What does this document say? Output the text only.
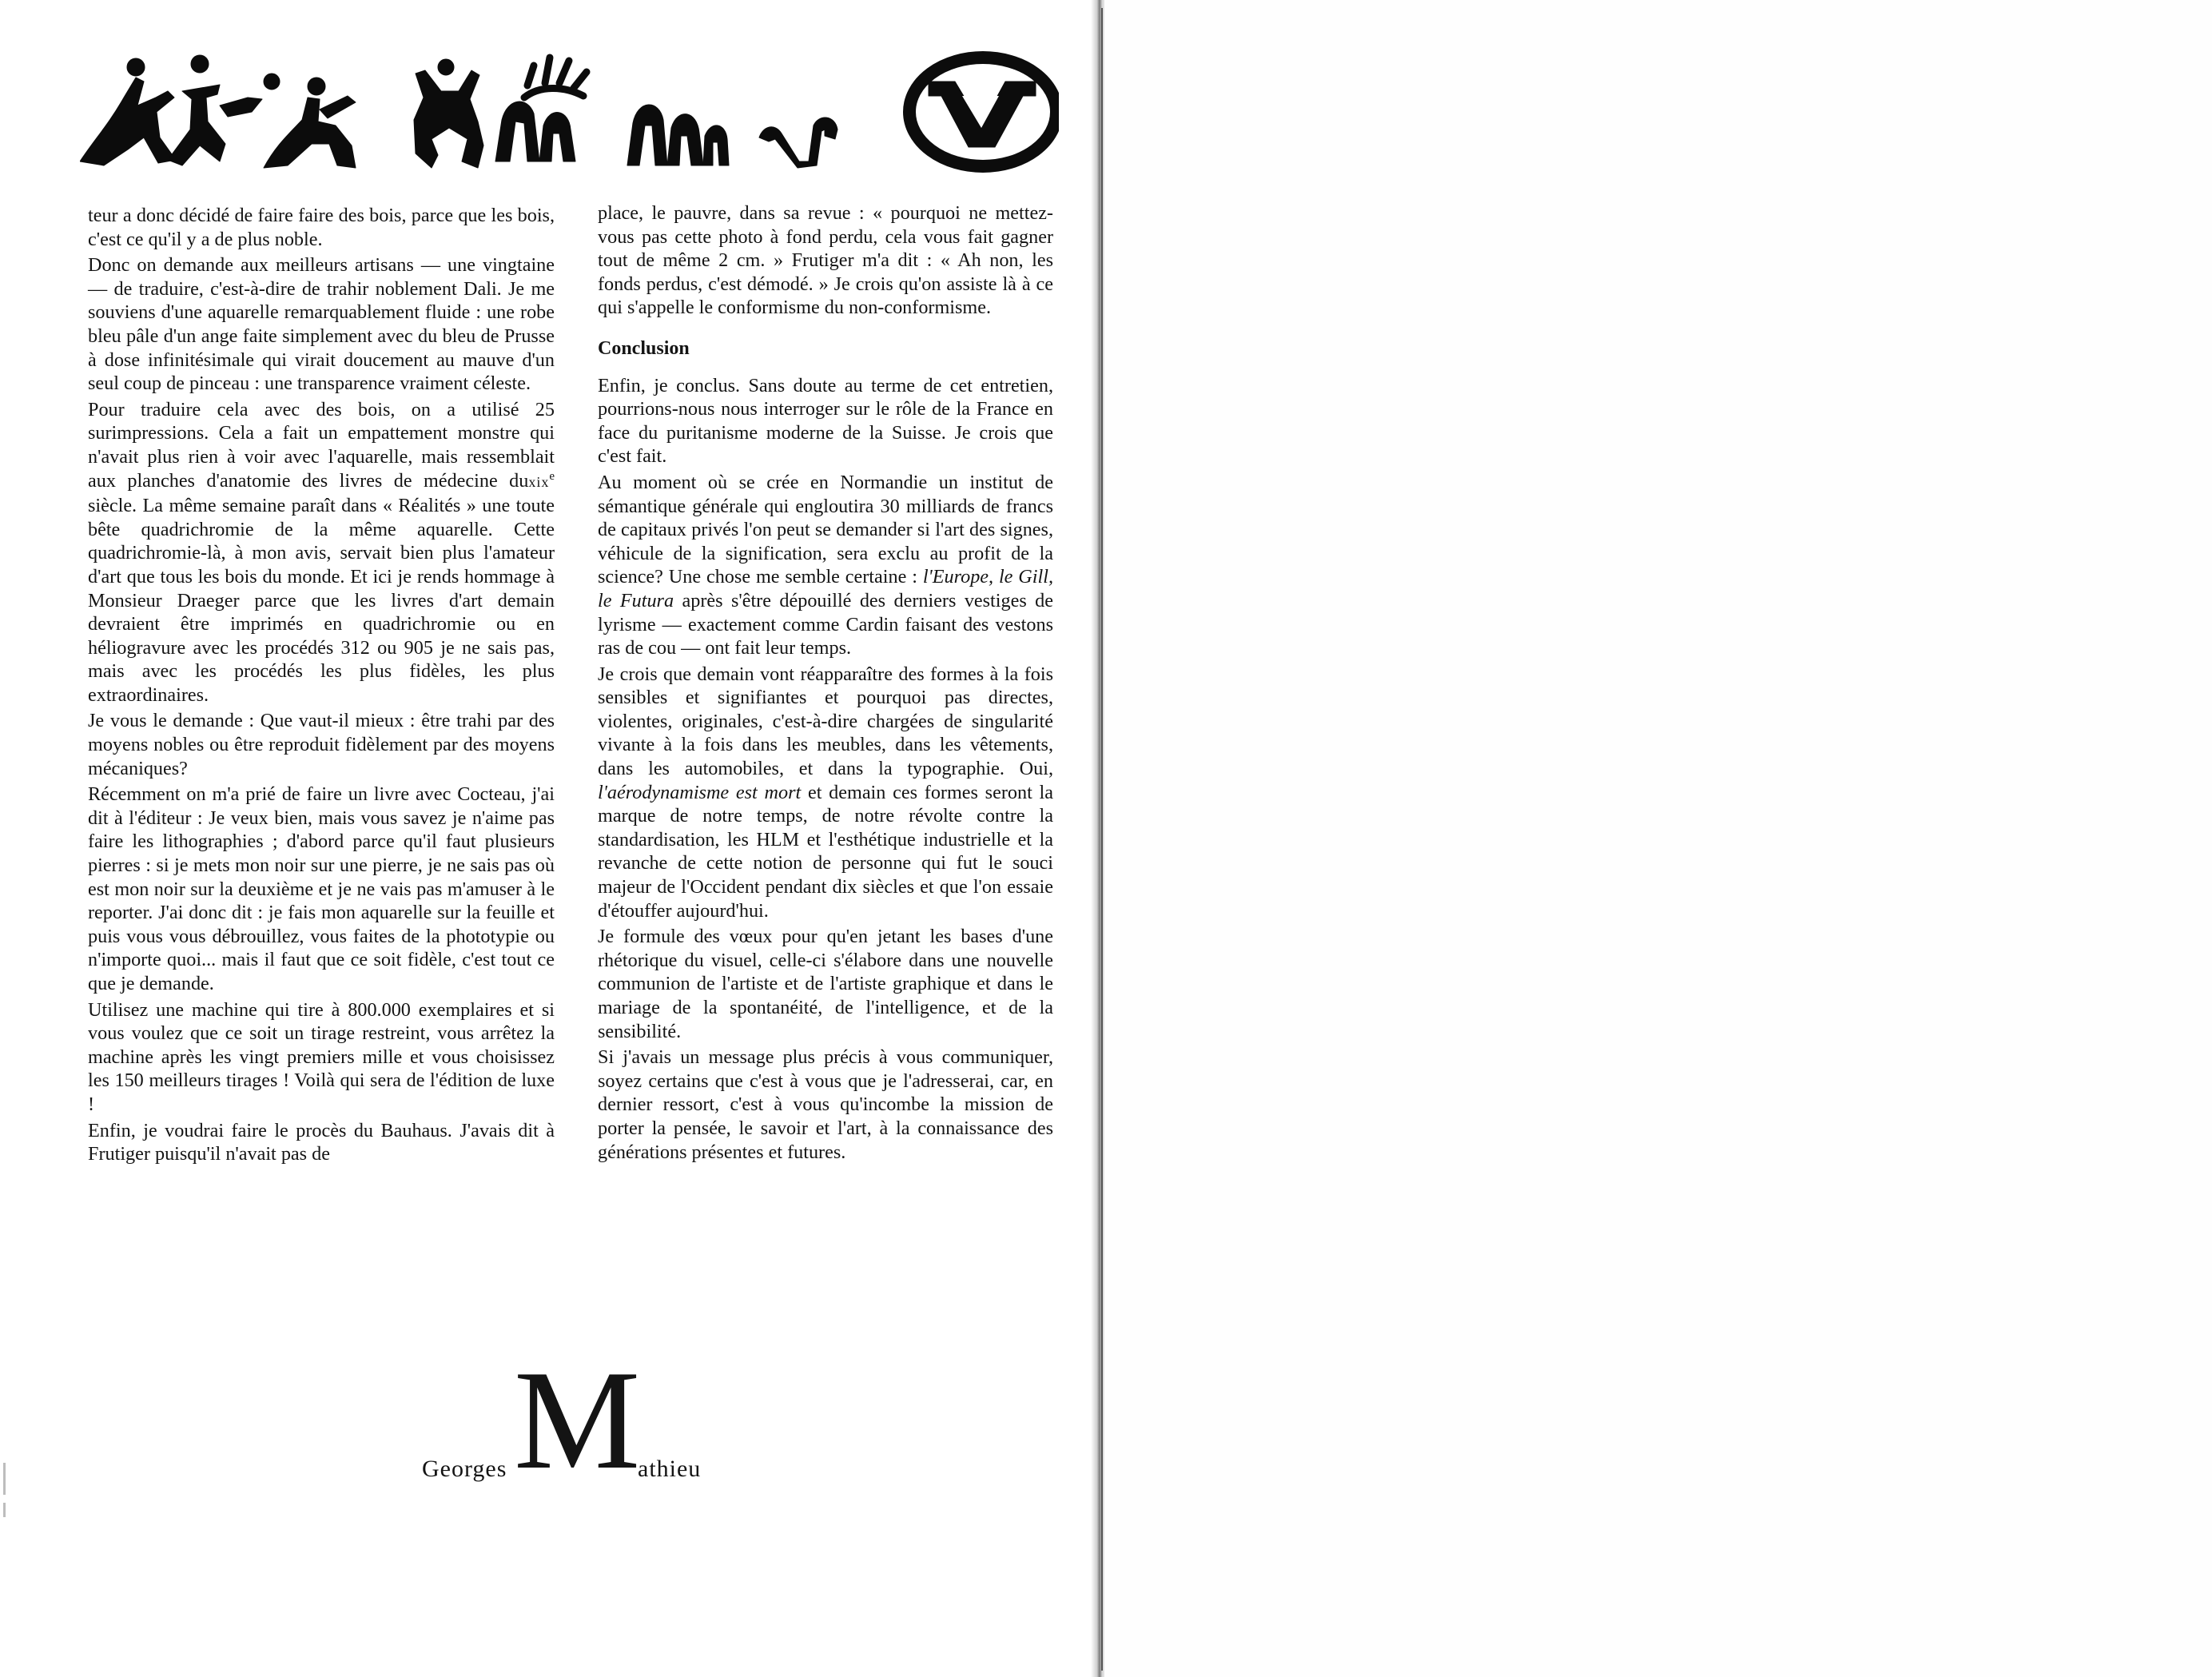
teur a donc décidé de faire faire des bois, parce que les bois, c'est ce qu'il y a de plus noble.

Donc on demande aux meilleurs artisans — une vingtaine — de traduire, c'est-à-dire de trahir noblement Dali. Je me souviens d'une aquarelle remarquablement fluide : une robe bleu pâle d'un ange faite simplement avec du bleu de Prusse à dose infinitésimale qui virait doucement au mauve d'un seul coup de pinceau : une transparence vraiment céleste.

Pour traduire cela avec des bois, on a utilisé 25 surimpressions. Cela a fait un empattement monstre qui n'avait plus rien à voir avec l'aquarelle, mais ressemblait aux planches d'anatomie des livres de médecine duxix$^e$ siècle. La même semaine paraît dans « Réalités » une toute bête quadrichromie de la même aquarelle. Cette quadrichromie-là, à mon avis, servait bien plus l'amateur d'art que tous les bois du monde. Et ici je rends hommage à Monsieur Draeger parce que les livres d'art demain devraient être imprimés en quadrichromie ou en héliogravure avec les procédés 312 ou 905 je ne sais pas, mais avec les procédés les plus fidèles, les plus extraordinaires.

Je vous le demande : Que vaut-il mieux : être trahi par des moyens nobles ou être reproduit fidèlement par des moyens mécaniques?

Récemment on m'a prié de faire un livre avec Cocteau, j'ai dit à l'éditeur : Je veux bien, mais vous savez je n'aime pas faire les lithographies ; d'abord parce qu'il faut plusieurs pierres : si je mets mon noir sur une pierre, je ne sais pas où est mon noir sur la deuxième et je ne vais pas m'amuser à le reporter. J'ai donc dit : je fais mon aquarelle sur la feuille et puis vous vous débrouillez, vous faites de la phototypie ou n'importe quoi... mais il faut que ce soit fidèle, c'est tout ce que je demande.

Utilisez une machine qui tire à 800.000 exemplaires et si vous voulez que ce soit un tirage restreint, vous arrêtez la machine après les vingt premiers mille et vous choisissez les 150 meilleurs tirages ! Voilà qui sera de l'édition de luxe !

Enfin, je voudrai faire le procès du Bauhaus. J'avais dit à Frutiger puisqu'il n'avait pas de

place, le pauvre, dans sa revue : « pourquoi ne mettez-vous pas cette photo à fond perdu, cela vous fait gagner tout de même 2 cm. » Frutiger m'a dit : « Ah non, les fonds perdus, c'est démodé. » Je crois qu'on assiste là à ce qui s'appelle le conformisme du non-conformisme.

Conclusion

Enfin, je conclus. Sans doute au terme de cet entretien, pourrions-nous nous interroger sur le rôle de la France en face du puritanisme moderne de la Suisse. Je crois que c'est fait.

Au moment où se crée en Normandie un institut de sémantique générale qui engloutira 30 milliards de francs de capitaux privés l'on peut se demander si l'art des signes, véhicule de la signification, sera exclu au profit de la science? Une chose me semble certaine : l'Europe, le Gill, le Futura après s'être dépouillé des derniers vestiges de lyrisme — exactement comme Cardin faisant des vestons ras de cou — ont fait leur temps.

Je crois que demain vont réapparaître des formes à la fois sensibles et signifiantes et pourquoi pas directes, violentes, originales, c'est-à-dire chargées de singularité vivante à la fois dans les meubles, dans les vêtements, dans les automobiles, et dans la typographie. Oui, l'aérodynamisme est mort et demain ces formes seront la marque de notre temps, de notre révolte contre la standardisation, les HLM et l'esthétique industrielle et la revanche de cette notion de personne qui fut le souci majeur de l'Occident pendant dix siècles et que l'on essaie d'étouffer aujourd'hui.

Je formule des vœux pour qu'en jetant les bases d'une rhétorique du visuel, celle-ci s'élabore dans une nouvelle communion de l'artiste et de l'artiste graphique et dans le mariage de la spontanéité, de l'intelligence, et de la sensibilité.

Si j'avais un message plus précis à vous communiquer, soyez certains que c'est à vous que je l'adresserai, car, en dernier ressort, c'est à vous qu'incombe la mission de porter la pensée, le savoir et l'art, à la connaissance des générations présentes et futures.

Georges M
athieu
